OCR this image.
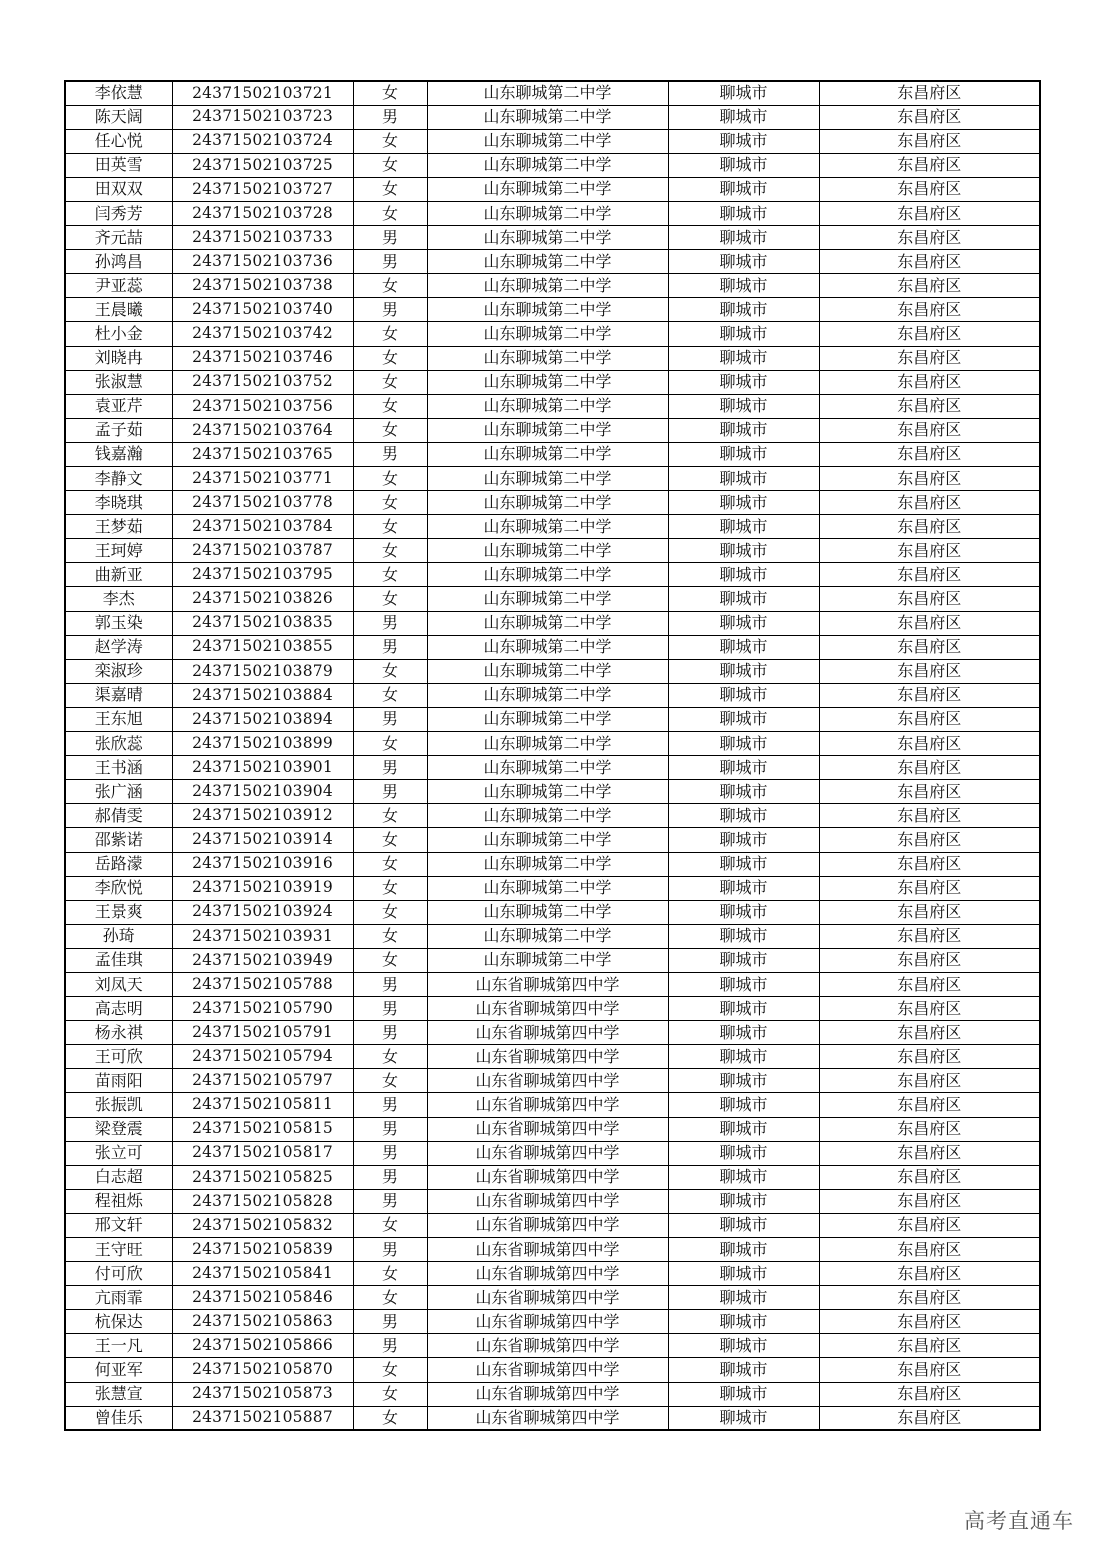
李依慧	24371502103721	女	山东聊城第二中学	聊城市	东昌府区
陈天阔	24371502103723	男	山东聊城第二中学	聊城市	东昌府区
任心悦	24371502103724	女	山东聊城第二中学	聊城市	东昌府区
田英雪	24371502103725	女	山东聊城第二中学	聊城市	东昌府区
田双双	24371502103727	女	山东聊城第二中学	聊城市	东昌府区
闫秀芳	24371502103728	女	山东聊城第二中学	聊城市	东昌府区
齐元喆	24371502103733	男	山东聊城第二中学	聊城市	东昌府区
孙鸿昌	24371502103736	男	山东聊城第二中学	聊城市	东昌府区
尹亚蕊	24371502103738	女	山东聊城第二中学	聊城市	东昌府区
王晨曦	24371502103740	男	山东聊城第二中学	聊城市	东昌府区
杜小金	24371502103742	女	山东聊城第二中学	聊城市	东昌府区
刘晓冉	24371502103746	女	山东聊城第二中学	聊城市	东昌府区
张淑慧	24371502103752	女	山东聊城第二中学	聊城市	东昌府区
袁亚芹	24371502103756	女	山东聊城第二中学	聊城市	东昌府区
孟子茹	24371502103764	女	山东聊城第二中学	聊城市	东昌府区
钱嘉瀚	24371502103765	男	山东聊城第二中学	聊城市	东昌府区
李静文	24371502103771	女	山东聊城第二中学	聊城市	东昌府区
李晓琪	24371502103778	女	山东聊城第二中学	聊城市	东昌府区
王梦茹	24371502103784	女	山东聊城第二中学	聊城市	东昌府区
王珂婷	24371502103787	女	山东聊城第二中学	聊城市	东昌府区
曲新亚	24371502103795	女	山东聊城第二中学	聊城市	东昌府区
李杰	24371502103826	女	山东聊城第二中学	聊城市	东昌府区
郭玉染	24371502103835	男	山东聊城第二中学	聊城市	东昌府区
赵学涛	24371502103855	男	山东聊城第二中学	聊城市	东昌府区
栾淑珍	24371502103879	女	山东聊城第二中学	聊城市	东昌府区
渠嘉晴	24371502103884	女	山东聊城第二中学	聊城市	东昌府区
王东旭	24371502103894	男	山东聊城第二中学	聊城市	东昌府区
张欣蕊	24371502103899	女	山东聊城第二中学	聊城市	东昌府区
王书涵	24371502103901	男	山东聊城第二中学	聊城市	东昌府区
张广涵	24371502103904	男	山东聊城第二中学	聊城市	东昌府区
郝倩雯	24371502103912	女	山东聊城第二中学	聊城市	东昌府区
邵紫诺	24371502103914	女	山东聊城第二中学	聊城市	东昌府区
岳路濛	24371502103916	女	山东聊城第二中学	聊城市	东昌府区
李欣悦	24371502103919	女	山东聊城第二中学	聊城市	东昌府区
王景爽	24371502103924	女	山东聊城第二中学	聊城市	东昌府区
孙琦	24371502103931	女	山东聊城第二中学	聊城市	东昌府区
孟佳琪	24371502103949	女	山东聊城第二中学	聊城市	东昌府区
刘凤天	24371502105788	男	山东省聊城第四中学	聊城市	东昌府区
高志明	24371502105790	男	山东省聊城第四中学	聊城市	东昌府区
杨永祺	24371502105791	男	山东省聊城第四中学	聊城市	东昌府区
王可欣	24371502105794	女	山东省聊城第四中学	聊城市	东昌府区
苗雨阳	24371502105797	女	山东省聊城第四中学	聊城市	东昌府区
张振凯	24371502105811	男	山东省聊城第四中学	聊城市	东昌府区
梁登震	24371502105815	男	山东省聊城第四中学	聊城市	东昌府区
张立可	24371502105817	男	山东省聊城第四中学	聊城市	东昌府区
白志超	24371502105825	男	山东省聊城第四中学	聊城市	东昌府区
程祖烁	24371502105828	男	山东省聊城第四中学	聊城市	东昌府区
邢文轩	24371502105832	女	山东省聊城第四中学	聊城市	东昌府区
王守旺	24371502105839	男	山东省聊城第四中学	聊城市	东昌府区
付可欣	24371502105841	女	山东省聊城第四中学	聊城市	东昌府区
亢雨霏	24371502105846	女	山东省聊城第四中学	聊城市	东昌府区
杭保达	24371502105863	男	山东省聊城第四中学	聊城市	东昌府区
王一凡	24371502105866	男	山东省聊城第四中学	聊城市	东昌府区
何亚军	24371502105870	女	山东省聊城第四中学	聊城市	东昌府区
张慧宣	24371502105873	女	山东省聊城第四中学	聊城市	东昌府区
曾佳乐	24371502105887	女	山东省聊城第四中学	聊城市	东昌府区
高考直通车
